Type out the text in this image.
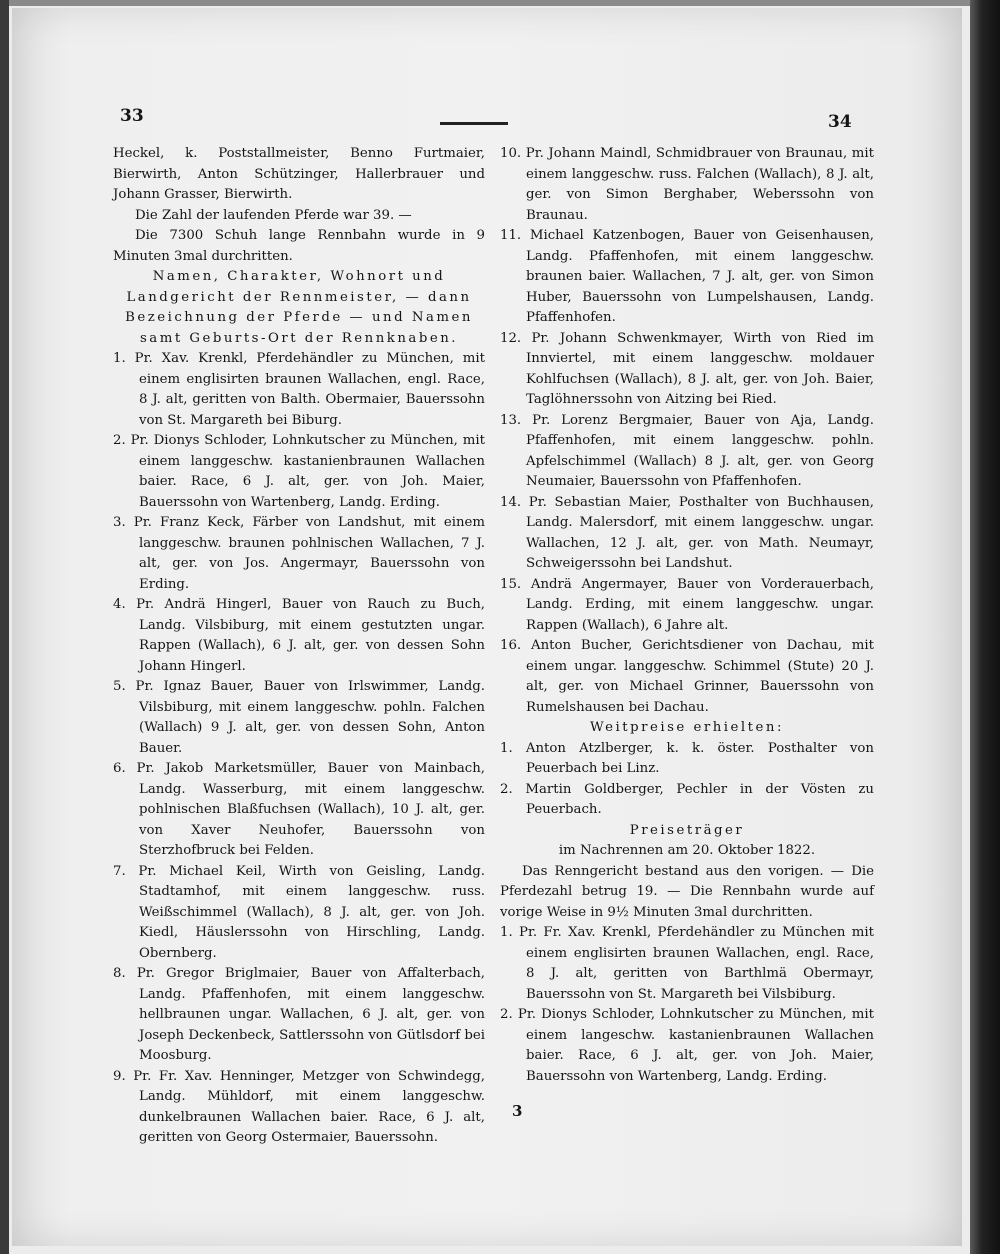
33	34

Heckel, k. Poststallmeister, Benno Furtmaier, Bierwirth, Anton Schützinger, Hallerbrauer und Johann Grasser, Bierwirth.

Die Zahl der laufenden Pferde war 39. —

Die 7300 Schuh lange Rennbahn wurde in 9 Minuten 3mal durchritten.

Namen, Charakter, Wohnort und Landgericht der Rennmeister, — dann Bezeichnung der Pferde — und Namen samt Geburts-Ort der Rennknaben.

1. Pr. Xav. Krenkl, Pferdehändler zu München, mit einem englisirten braunen Wallachen, engl. Race, 8 J. alt, geritten von Balth. Obermaier, Bauerssohn von St. Margareth bei Biburg.

2. Pr. Dionys Schloder, Lohnkutscher zu München, mit einem langgeschw. kastanienbraunen Wallachen baier. Race, 6 J. alt, ger. von Joh. Maier, Bauerssohn von Wartenberg, Landg. Erding.

3. Pr. Franz Keck, Färber von Landshut, mit einem langgeschw. braunen pohlnischen Wallachen, 7 J. alt, ger. von Jos. Angermayr, Bauerssohn von Erding.

4. Pr. Andrä Hingerl, Bauer von Rauch zu Buch, Landg. Vilsbiburg, mit einem gestutzten ungar. Rappen (Wallach), 6 J. alt, ger. von dessen Sohn Johann Hingerl.

5. Pr. Ignaz Bauer, Bauer von Irlswimmer, Landg. Vilsbiburg, mit einem langgeschw. pohln. Falchen (Wallach) 9 J. alt, ger. von dessen Sohn, Anton Bauer.

6. Pr. Jakob Marketsmüller, Bauer von Mainbach, Landg. Wasserburg, mit einem langgeschw. pohlnischen Blaßfuchsen (Wallach), 10 J. alt, ger. von Xaver Neuhofer, Bauerssohn von Sterzhofbruck bei Felden.

7. Pr. Michael Keil, Wirth von Geisling, Landg. Stadtamhof, mit einem langgeschw. russ. Weißschimmel (Wallach), 8 J. alt, ger. von Joh. Kiedl, Häuslerssohn von Hirschling, Landg. Obernberg.

8. Pr. Gregor Briglmaier, Bauer von Affalterbach, Landg. Pfaffenhofen, mit einem langgeschw. hellbraunen ungar. Wallachen, 6 J. alt, ger. von Joseph Deckenbeck, Sattlerssohn von Gütlsdorf bei Moosburg.

9. Pr. Fr. Xav. Henninger, Metzger von Schwindegg, Landg. Mühldorf, mit einem langgeschw. dunkelbraunen Wallachen baier. Race, 6 J. alt, geritten von Georg Ostermaier, Bauerssohn.

10. Pr. Johann Maindl, Schmidbrauer von Braunau, mit einem langgeschw. russ. Falchen (Wallach), 8 J. alt, ger. von Simon Berghaber, Weberssohn von Braunau.

11. Michael Katzenbogen, Bauer von Geisenhausen, Landg. Pfaffenhofen, mit einem langgeschw. braunen baier. Wallachen, 7 J. alt, ger. von Simon Huber, Bauerssohn von Lumpelshausen, Landg. Pfaffenhofen.

12. Pr. Johann Schwenkmayer, Wirth von Ried im Innviertel, mit einem langgeschw. moldauer Kohlfuchsen (Wallach), 8 J. alt, ger. von Joh. Baier, Taglöhnerssohn von Aitzing bei Ried.

13. Pr. Lorenz Bergmaier, Bauer von Aja, Landg. Pfaffenhofen, mit einem langgeschw. pohln. Apfelschimmel (Wallach) 8 J. alt, ger. von Georg Neumaier, Bauerssohn von Pfaffenhofen.

14. Pr. Sebastian Maier, Posthalter von Buchhausen, Landg. Malersdorf, mit einem langgeschw. ungar. Wallachen, 12 J. alt, ger. von Math. Neumayr, Schweigerssohn bei Landshut.

15. Andrä Angermayer, Bauer von Vorderauerbach, Landg. Erding, mit einem langgeschw. ungar. Rappen (Wallach), 6 Jahre alt.

16. Anton Bucher, Gerichtsdiener von Dachau, mit einem ungar. langgeschw. Schimmel (Stute) 20 J. alt, ger. von Michael Grinner, Bauerssohn von Rumelshausen bei Dachau.

Weitpreise erhielten:

1. Anton Atzlberger, k. k. öster. Posthalter von Peuerbach bei Linz.

2. Martin Goldberger, Pechler in der Vösten zu Peuerbach.

Preiseträger

im Nachrennen am 20. Oktober 1822.

Das Renngericht bestand aus den vorigen. — Die Pferdezahl betrug 19. — Die Rennbahn wurde auf vorige Weise in 9½ Minuten 3mal durchritten.

1. Pr. Fr. Xav. Krenkl, Pferdehändler zu München mit einem englisirten braunen Wallachen, engl. Race, 8 J. alt, geritten von Barthlmä Obermayr, Bauerssohn von St. Margareth bei Vilsbiburg.

2. Pr. Dionys Schloder, Lohnkutscher zu München, mit einem langeschw. kastanienbraunen Wallachen baier. Race, 6 J. alt, ger. von Joh. Maier, Bauerssohn von Wartenberg, Landg. Erding.

3
